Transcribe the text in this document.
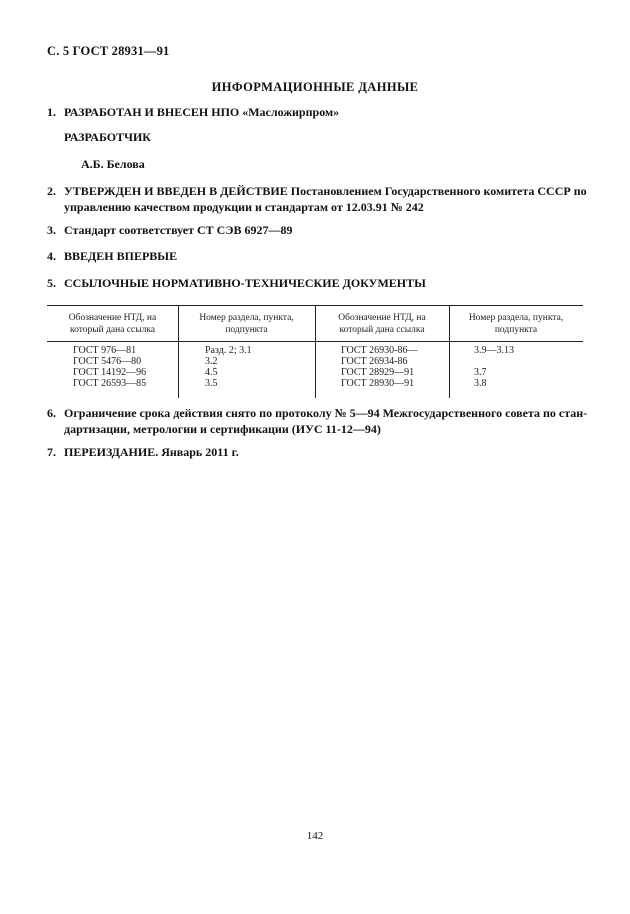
С. 5 ГОСТ 28931—91
ИНФОРМАЦИОННЫЕ ДАННЫЕ
1. РАЗРАБОТАН И ВНЕСЕН НПО «Масложирпром»
РАЗРАБОТЧИК
А.Б. Белова
2. УТВЕРЖДЕН И ВВЕДЕН В ДЕЙСТВИЕ Постановлением Государственного комитета СССР по
управлению качеством продукции и стандартам от 12.03.91 № 242
3. Стандарт соответствует СТ СЭВ 6927—89
4. ВВЕДЕН ВПЕРВЫЕ
5. ССЫЛОЧНЫЕ НОРМАТИВНО-ТЕХНИЧЕСКИЕ ДОКУМЕНТЫ
Обозначение НТД, на
который дана ссылка
Номер раздела, пункта,
подпункта
Обозначение НТД, на
который дана ссылка
Номер раздела, пункта,
подпункта
ГОСТ 976—81	Разд. 2; 3.1	ГОСТ 26930-86—	3.9—3.13
ГОСТ 5476—80	3.2	ГОСТ 26934-86
ГОСТ 14192—96	4.5	ГОСТ 28929—91	3.7
ГОСТ 26593—85	3.5	ГОСТ 28930—91	3.8
6. Ограничение срока действия снято по протоколу № 5—94 Межгосударственного совета по стан-
дартизации, метрологии и сертификации (ИУС 11-12—94)
7. ПЕРЕИЗДАНИЕ. Январь 2011 г.
142
